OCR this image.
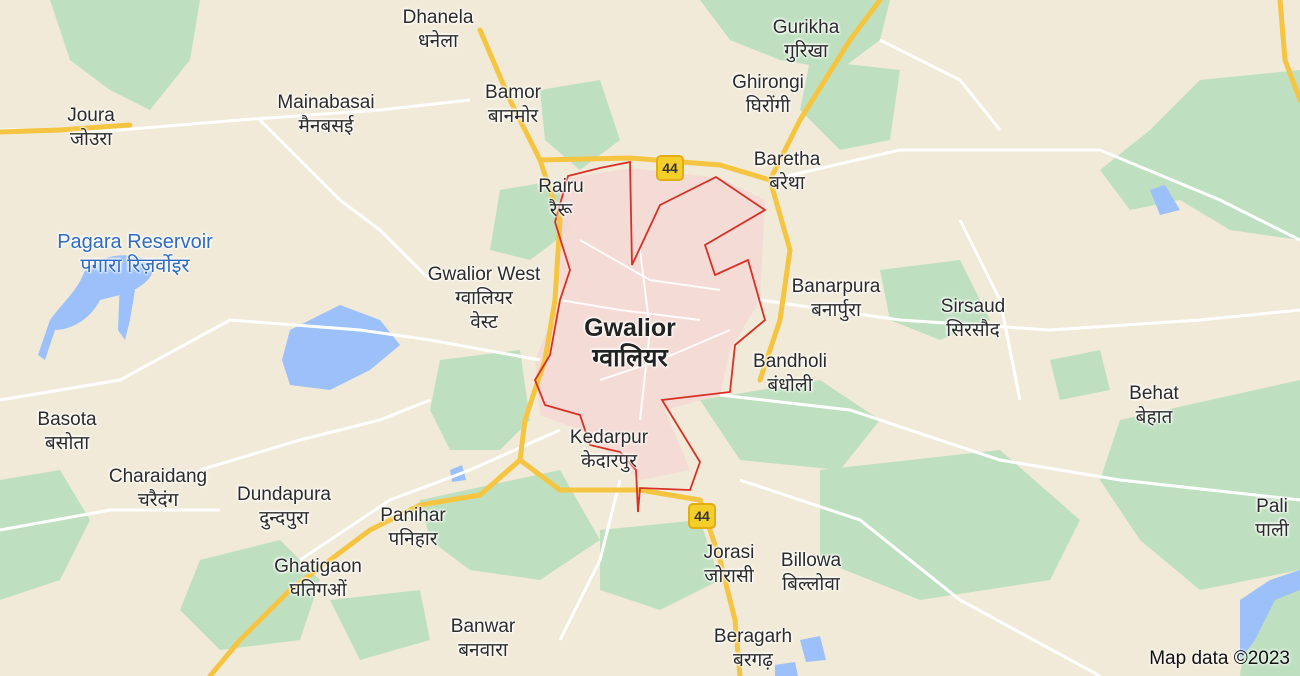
44
44
Pagara Reservoir
पगारा रिज़र्वोइर
Gwalior
ग्वालियर
Dhanela
धनेला
Gurikha
गुरिखा
Joura
जोउरा
Mainabasai
मैनबसई
Bamor
बानमोर
Ghirongi
घिरोंगी
Baretha
बरेथा
Rairu
रैरू
Gwalior West
ग्वालियर
वेस्ट
Banarpura
बनार्पुरा	Sirsaud
सिरसौद
Bandholi
बंधोली	Behat
बेहात
Basota
बसोता	Kedarpur
केदारपुर
Charaidang
चरैदंग	Dundapura
दुन्दपुरा	Panihar
पनिहार
Pali
पाली
Ghatigaon
घतिगओं
Jorasi
जोरासी
Billowa
बिल्लोवा
Banwar
बनवारा
Beragarh
बरगढ़	Map data ©2023
